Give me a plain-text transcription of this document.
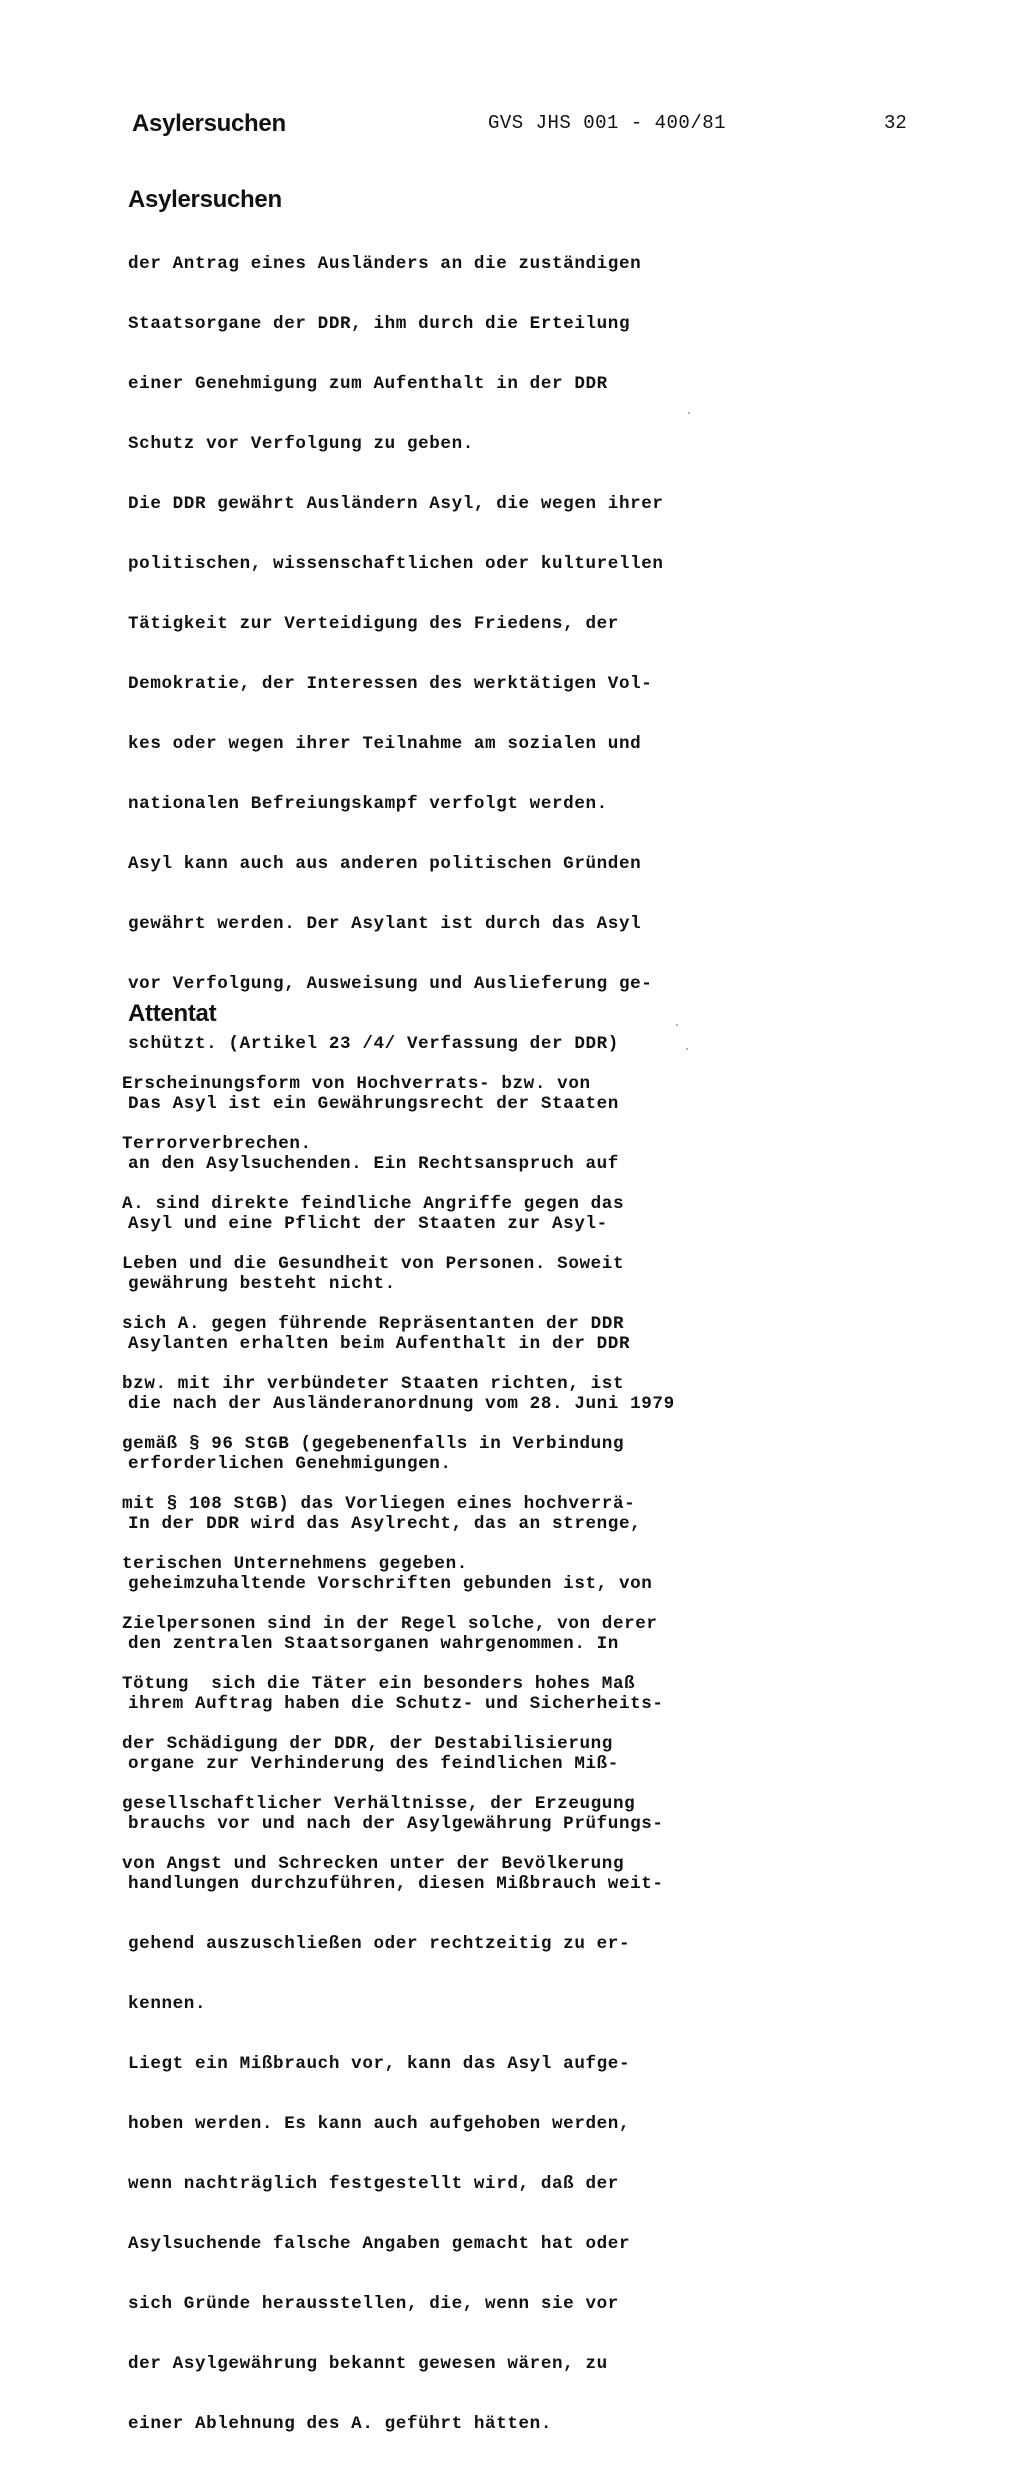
Asylersuchen	GVS JHS 001 - 400/81	32
Asylersuchen

der Antrag eines Ausländers an die zuständigen

Staatsorgane der DDR, ihm durch die Erteilung

einer Genehmigung zum Aufenthalt in der DDR

Schutz vor Verfolgung zu geben.

Die DDR gewährt Ausländern Asyl, die wegen ihrer

politischen, wissenschaftlichen oder kulturellen

Tätigkeit zur Verteidigung des Friedens, der

Demokratie, der Interessen des werktätigen Vol-

kes oder wegen ihrer Teilnahme am sozialen und

nationalen Befreiungskampf verfolgt werden.

Asyl kann auch aus anderen politischen Gründen

gewährt werden. Der Asylant ist durch das Asyl

vor Verfolgung, Ausweisung und Auslieferung ge-

schützt. (Artikel 23 /4/ Verfassung der DDR)

Das Asyl ist ein Gewährungsrecht der Staaten

an den Asylsuchenden. Ein Rechtsanspruch auf

Asyl und eine Pflicht der Staaten zur Asyl-

gewährung besteht nicht.

Asylanten erhalten beim Aufenthalt in der DDR

die nach der Ausländeranordnung vom 28. Juni 1979

erforderlichen Genehmigungen.

In der DDR wird das Asylrecht, das an strenge,

geheimzuhaltende Vorschriften gebunden ist, von

den zentralen Staatsorganen wahrgenommen. In

ihrem Auftrag haben die Schutz- und Sicherheits-

organe zur Verhinderung des feindlichen Miß-

brauchs vor und nach der Asylgewährung Prüfungs-

handlungen durchzuführen, diesen Mißbrauch weit-

gehend auszuschließen oder rechtzeitig zu er-

kennen.

Liegt ein Mißbrauch vor, kann das Asyl aufge-

hoben werden. Es kann auch aufgehoben werden,

wenn nachträglich festgestellt wird, daß der

Asylsuchende falsche Angaben gemacht hat oder

sich Gründe herausstellen, die, wenn sie vor

der Asylgewährung bekannt gewesen wären, zu

einer Ablehnung des A. geführt hätten.

Attentat

Erscheinungsform von Hochverrats- bzw. von

Terrorverbrechen.

A. sind direkte feindliche Angriffe gegen das

Leben und die Gesundheit von Personen. Soweit

sich A. gegen führende Repräsentanten der DDR

bzw. mit ihr verbündeter Staaten richten, ist

gemäß § 96 StGB (gegebenenfalls in Verbindung

mit § 108 StGB) das Vorliegen eines hochverrä-

terischen Unternehmens gegeben.

Zielpersonen sind in der Regel solche, von derer

Tötung  sich die Täter ein besonders hohes Maß

der Schädigung der DDR, der Destabilisierung

gesellschaftlicher Verhältnisse, der Erzeugung

von Angst und Schrecken unter der Bevölkerung
